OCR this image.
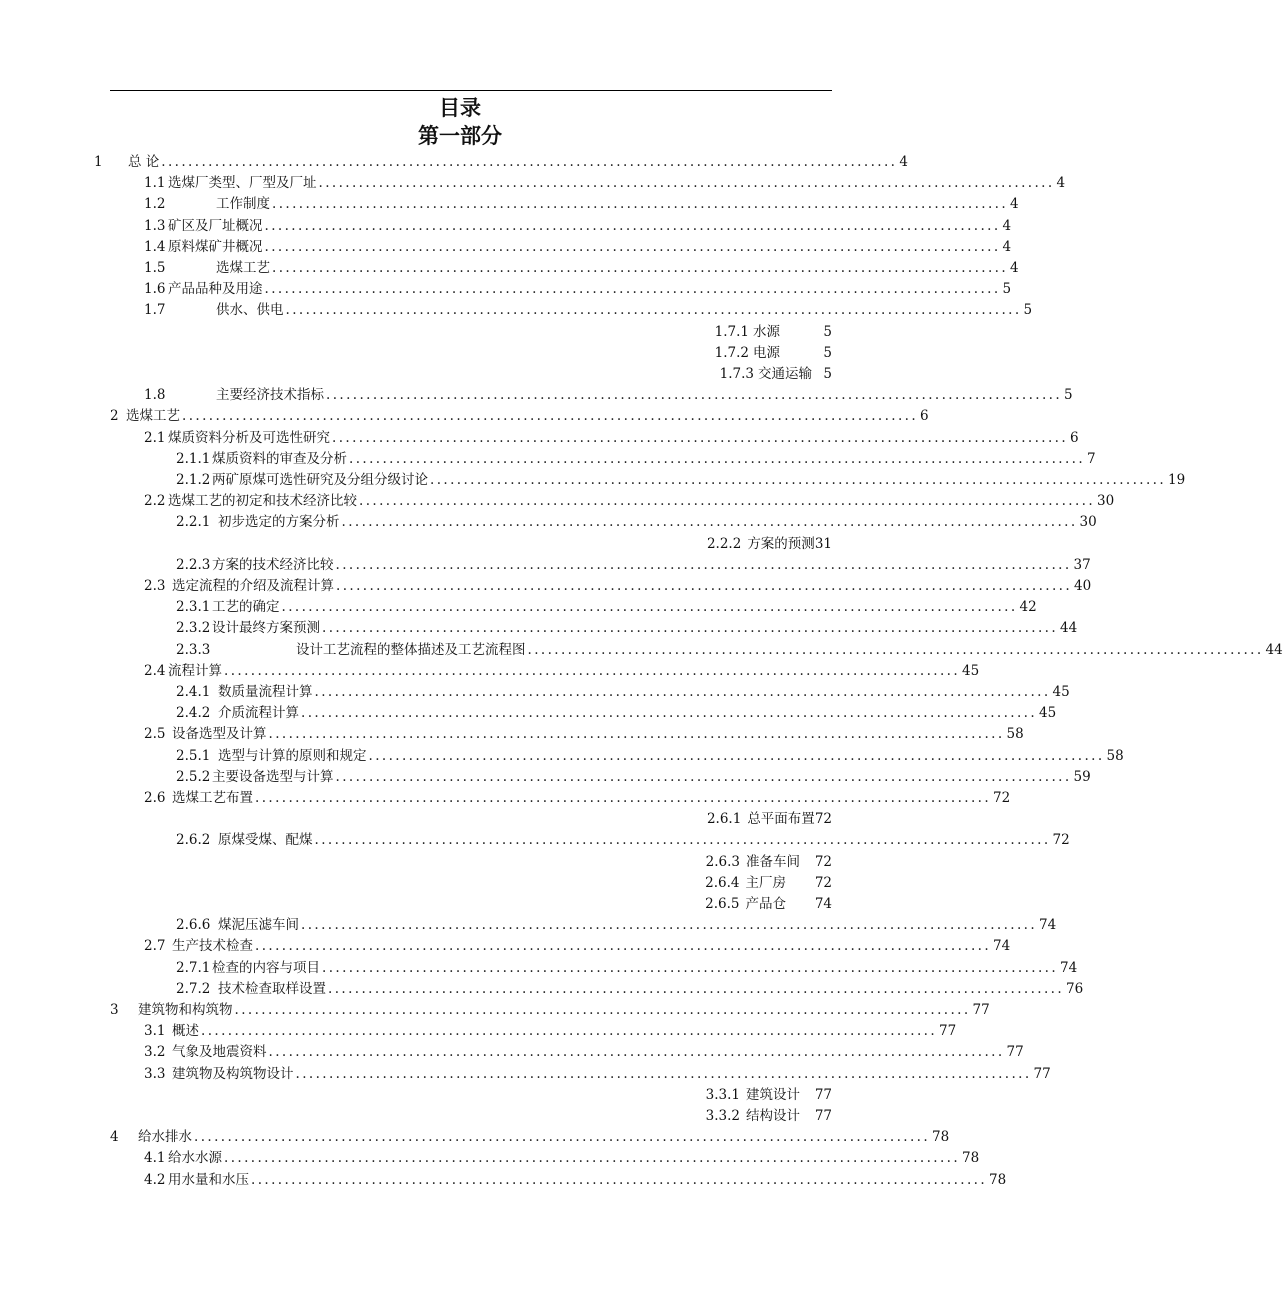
目录
第一部分
1	总 论 .............................................................................................................. 4
1.1 选煤厂类型、厂型及厂址 .............................................................................................................. 4
1.2	工作制度 .............................................................................................................. 4
1.3 矿区及厂址概况 .............................................................................................................. 4
1.4 原料煤矿井概况 .............................................................................................................. 4
1.5	选煤工艺 .............................................................................................................. 4
1.6 产品品种及用途 .............................................................................................................. 5
1.7	供水、供电 .............................................................................................................. 5
1.7.1 水源	5
1.7.2 电源	5
1.7.3 交通运输 5
1.8	主要经济技术指标 .............................................................................................................. 5
2 选煤工艺 .............................................................................................................. 6
2.1 煤质资料分析及可选性研究 .............................................................................................................. 6
2.1.1 煤质资料的审查及分析 .............................................................................................................. 7
2.1.2 两矿原煤可选性研究及分组分级讨论 .............................................................................................................. 19
2.2 选煤工艺的初定和技术经济比较 .............................................................................................................. 30
2.2.1 初步选定的方案分析 .............................................................................................................. 30
2.2.2 方案的预测 31
2.2.3 方案的技术经济比较 .............................................................................................................. 37
2.3 选定流程的介绍及流程计算 .............................................................................................................. 40
2.3.1 工艺的确定 .............................................................................................................. 42
2.3.2 设计最终方案预测 .............................................................................................................. 44
2.3.3	设计工艺流程的整体描述及工艺流程图 .............................................................................................................. 44
2.4 流程计算 .............................................................................................................. 45
2.4.1 数质量流程计算 .............................................................................................................. 45
2.4.2 介质流程计算 .............................................................................................................. 45
2.5 设备选型及计算 .............................................................................................................. 58
2.5.1 选型与计算的原则和规定 .............................................................................................................. 58
2.5.2 主要设备选型与计算 .............................................................................................................. 59
2.6 选煤工艺布置 .............................................................................................................. 72
2.6.1 总平面布置 72
2.6.2 原煤受煤、配煤 .............................................................................................................. 72
2.6.3 准备车间	72
2.6.4 主厂房	72
2.6.5 产品仓	74
2.6.6 煤泥压滤车间 .............................................................................................................. 74
2.7 生产技术检查 .............................................................................................................. 74
2.7.1 检查的内容与项目 .............................................................................................................. 74
2.7.2 技术检查取样设置 .............................................................................................................. 76
3	建筑物和构筑物 .............................................................................................................. 77
3.1 概述 .............................................................................................................. 77
3.2 气象及地震资料 .............................................................................................................. 77
3.3 建筑物及构筑物设计 .............................................................................................................. 77
3.3.1 建筑设计	77
3.3.2 结构设计	77
4	给水排水 .............................................................................................................. 78
4.1 给水水源 .............................................................................................................. 78
4.2 用水量和水压 .............................................................................................................. 78
